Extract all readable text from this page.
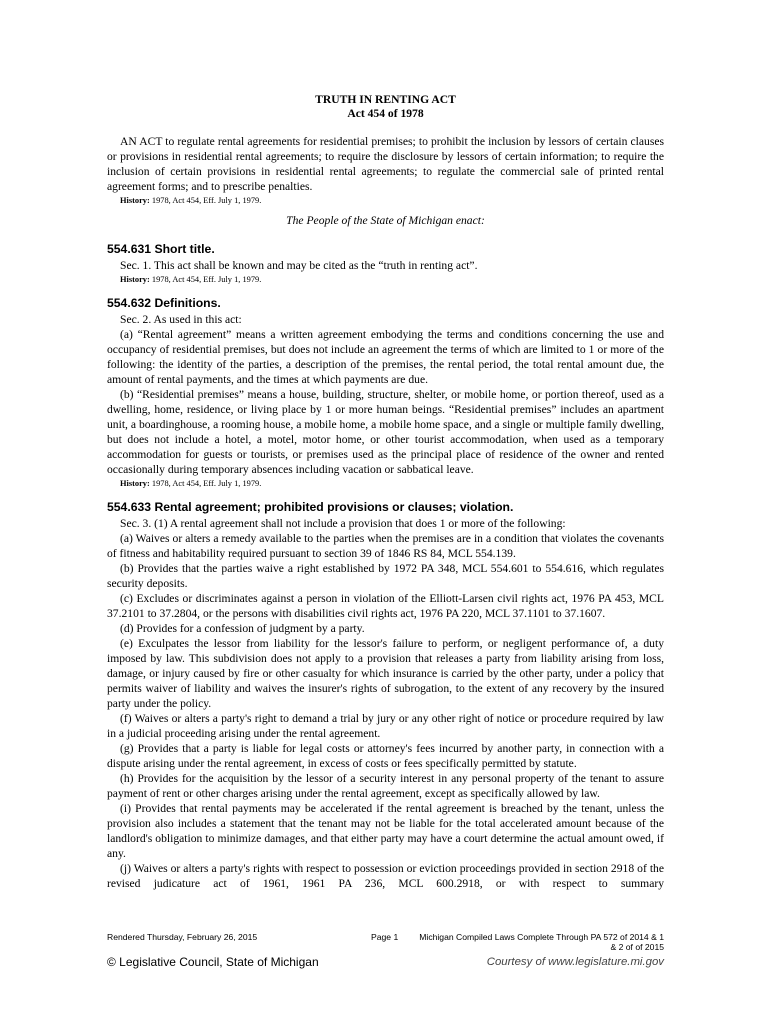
TRUTH IN RENTING ACT
Act 454 of 1978

AN ACT to regulate rental agreements for residential premises; to prohibit the inclusion by lessors of certain clauses or provisions in residential rental agreements; to require the disclosure by lessors of certain information; to require the inclusion of certain provisions in residential rental agreements; to regulate the commercial sale of printed rental agreement forms; and to prescribe penalties.

History: 1978, Act 454, Eff. July 1, 1979.

The People of the State of Michigan enact:

554.631 Short title.

Sec. 1. This act shall be known and may be cited as the “truth in renting act”.

History: 1978, Act 454, Eff. July 1, 1979.

554.632 Definitions.

Sec. 2. As used in this act:

(a) “Rental agreement” means a written agreement embodying the terms and conditions concerning the use and occupancy of residential premises, but does not include an agreement the terms of which are limited to 1 or more of the following: the identity of the parties, a description of the premises, the rental period, the total rental amount due, the amount of rental payments, and the times at which payments are due.

(b) “Residential premises” means a house, building, structure, shelter, or mobile home, or portion thereof, used as a dwelling, home, residence, or living place by 1 or more human beings. “Residential premises” includes an apartment unit, a boardinghouse, a rooming house, a mobile home, a mobile home space, and a single or multiple family dwelling, but does not include a hotel, a motel, motor home, or other tourist accommodation, when used as a temporary accommodation for guests or tourists, or premises used as the principal place of residence of the owner and rented occasionally during temporary absences including vacation or sabbatical leave.

History: 1978, Act 454, Eff. July 1, 1979.

554.633 Rental agreement; prohibited provisions or clauses; violation.

Sec. 3. (1) A rental agreement shall not include a provision that does 1 or more of the following:

(a) Waives or alters a remedy available to the parties when the premises are in a condition that violates the covenants of fitness and habitability required pursuant to section 39 of 1846 RS 84, MCL 554.139.

(b) Provides that the parties waive a right established by 1972 PA 348, MCL 554.601 to 554.616, which regulates security deposits.

(c) Excludes or discriminates against a person in violation of the Elliott-Larsen civil rights act, 1976 PA 453, MCL 37.2101 to 37.2804, or the persons with disabilities civil rights act, 1976 PA 220, MCL 37.1101 to 37.1607.

(d) Provides for a confession of judgment by a party.

(e) Exculpates the lessor from liability for the lessor's failure to perform, or negligent performance of, a duty imposed by law. This subdivision does not apply to a provision that releases a party from liability arising from loss, damage, or injury caused by fire or other casualty for which insurance is carried by the other party, under a policy that permits waiver of liability and waives the insurer's rights of subrogation, to the extent of any recovery by the insured party under the policy.

(f) Waives or alters a party's right to demand a trial by jury or any other right of notice or procedure required by law in a judicial proceeding arising under the rental agreement.

(g) Provides that a party is liable for legal costs or attorney's fees incurred by another party, in connection with a dispute arising under the rental agreement, in excess of costs or fees specifically permitted by statute.

(h) Provides for the acquisition by the lessor of a security interest in any personal property of the tenant to assure payment of rent or other charges arising under the rental agreement, except as specifically allowed by law.

(i) Provides that rental payments may be accelerated if the rental agreement is breached by the tenant, unless the provision also includes a statement that the tenant may not be liable for the total accelerated amount because of the landlord's obligation to minimize damages, and that either party may have a court determine the actual amount owed, if any.

(j) Waives or alters a party's rights with respect to possession or eviction proceedings provided in section 2918 of the revised judicature act of 1961, 1961 PA 236, MCL 600.2918, or with respect to summary

Rendered Thursday, February 26, 2015	Page 1	Michigan Compiled Laws Complete Through PA 572 of 2014 & 1
& 2 of of 2015
© Legislative Council, State of Michigan	Courtesy of www.legislature.mi.gov
